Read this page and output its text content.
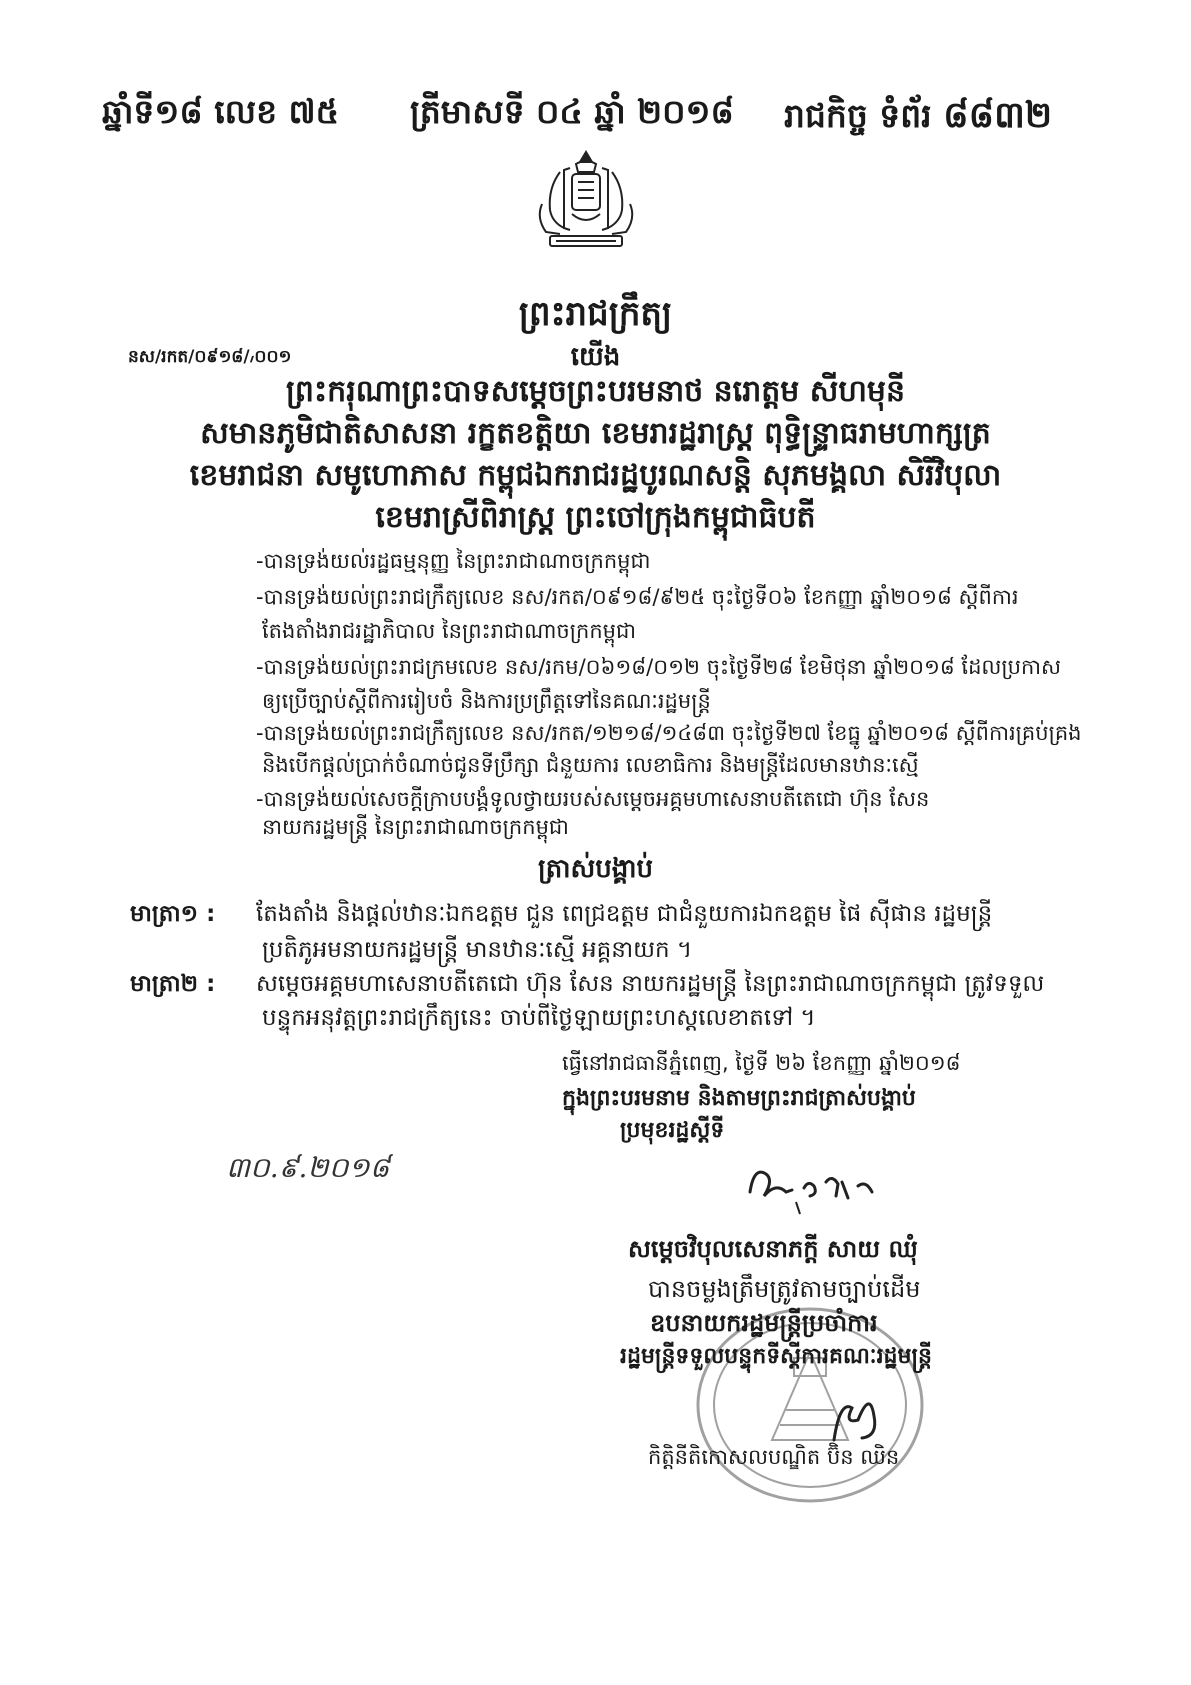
ឆ្នាំទី១៨ លេខ ៧៥ ត្រីមាសទី ០៤ ឆ្នាំ ២០១៨ រាជកិច្ច ទំព័រ ៨៨៣២
ព្រះរាជក្រឹត្យ
នស/រកត/០៩១៨/៸០០១	យើង
ព្រះករុណាព្រះបាទសម្តេចព្រះបរមនាថ នរោត្តម សីហមុនី
សមានភូមិជាតិសាសនា រក្ខតខត្តិយា ខេមរារដ្ឋរាស្ត្រ ពុទ្ធិន្ទ្រាធរាមហាក្សត្រ
ខេមរាជនា សមូហោភាស កម្ពុជឯករាជរដ្ឋបូរណសន្តិ សុភមង្គលា សិរីវិបុលា
ខេមរាស្រីពិរាស្ត្រ ព្រះចៅក្រុងកម្ពុជាធិបតី
-បានទ្រង់យល់រដ្ឋធម្មនុញ្ញ នៃព្រះរាជាណាចក្រកម្ពុជា
-បានទ្រង់យល់ព្រះរាជក្រឹត្យលេខ នស/រកត/០៩១៨/៩២៥ ចុះថ្ងៃទី០៦ ខែកញ្ញា ឆ្នាំ២០១៨ ស្តីពីការ
តែងតាំងរាជរដ្ឋាភិបាល នៃព្រះរាជាណាចក្រកម្ពុជា
-បានទ្រង់យល់ព្រះរាជក្រមលេខ នស/រកម/០៦១៨/០១២ ចុះថ្ងៃទី២៨ ខែមិថុនា ឆ្នាំ២០១៨ ដែលប្រកាស
ឲ្យប្រើច្បាប់ស្តីពីការរៀបចំ និងការប្រព្រឹត្តទៅនៃគណៈរដ្ឋមន្ត្រី
-បានទ្រង់យល់ព្រះរាជក្រឹត្យលេខ នស/រកត/១២១៨/១៤៨៣ ចុះថ្ងៃទី២៧ ខែធ្នូ ឆ្នាំ២០១៨ ស្តីពីការគ្រប់គ្រង
និងបើកផ្តល់ប្រាក់ចំណាច់ជូនទីប្រឹក្សា ជំនួយការ លេខាធិការ និងមន្ត្រីដែលមានឋានៈស្មើ
-បានទ្រង់យល់សេចក្តីក្រាបបង្គំទូលថ្វាយរបស់សម្តេចអគ្គមហាសេនាបតីតេជោ ហ៊ុន សែន
នាយករដ្ឋមន្ត្រី នៃព្រះរាជាណាចក្រកម្ពុជា
ត្រាស់បង្គាប់
មាត្រា១ : តែងតាំង និងផ្តល់ឋានៈឯកឧត្តម ជួន ពេជ្រឧត្តម ជាជំនួយការឯកឧត្តម ផៃ ស៊ីផាន រដ្ឋមន្ត្រី
ប្រតិភូអមនាយករដ្ឋមន្ត្រី មានឋានៈស្មើ អគ្គនាយក ។
មាត្រា២ : សម្តេចអគ្គមហាសេនាបតីតេជោ ហ៊ុន សែន នាយករដ្ឋមន្ត្រី នៃព្រះរាជាណាចក្រកម្ពុជា ត្រូវទទួល
បន្ទុកអនុវត្តព្រះរាជក្រឹត្យនេះ ចាប់ពីថ្ងៃឡាយព្រះហស្តលេខាតទៅ ។
ធ្វើនៅរាជធានីភ្នំពេញ, ថ្ងៃទី ២៦ ខែកញ្ញា ឆ្នាំ២០១៨
ក្នុងព្រះបរមនាម និងតាមព្រះរាជត្រាស់បង្គាប់
ប្រមុខរដ្ឋស្តីទី
៣០.៩.២០១៨
សម្តេចវិបុលសេនាភក្តី សាយ ឈុំ
បានចម្លងត្រឹមត្រូវតាមច្បាប់ដើម
ឧបនាយករដ្ឋមន្ត្រីប្រចាំការ
រដ្ឋមន្ត្រីទទួលបន្ទុកទីស្តីការគណៈរដ្ឋមន្ត្រី
កិត្តិនីតិកោសលបណ្ឌិត ប៊ិន ឈិន
